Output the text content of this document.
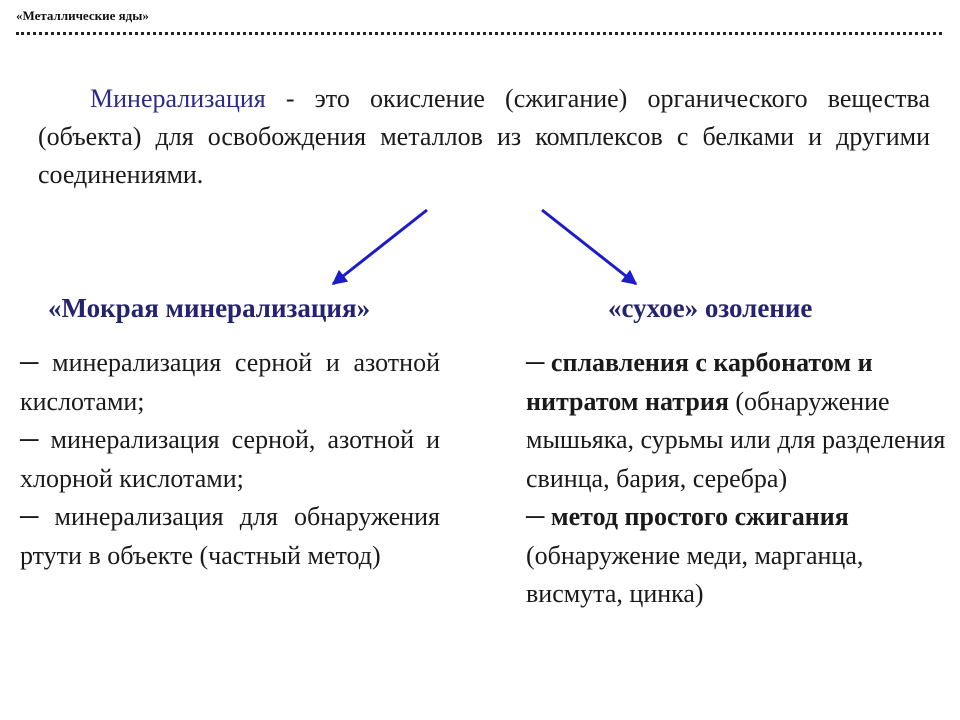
«Металлические яды»

Минерализация - это окисление (сжигание) органического вещества (объекта) для освобождения металлов из комплексов с белками и другими соединениями.

«Мокрая минерализация»	«сухое» озоление

─ минерализация серной и азотной кислотами;

─ минерализация серной, азотной и хлорной кислотами;

─ минерализация для обнаружения ртути в объекте (частный метод)

─ сплавления с карбонатом и нитратом натрия (обнаружение мышьяка, сурьмы или для разделения свинца, бария, серебра)

─ метод простого сжигания (обнаружение меди, марганца, висмута, цинка)
